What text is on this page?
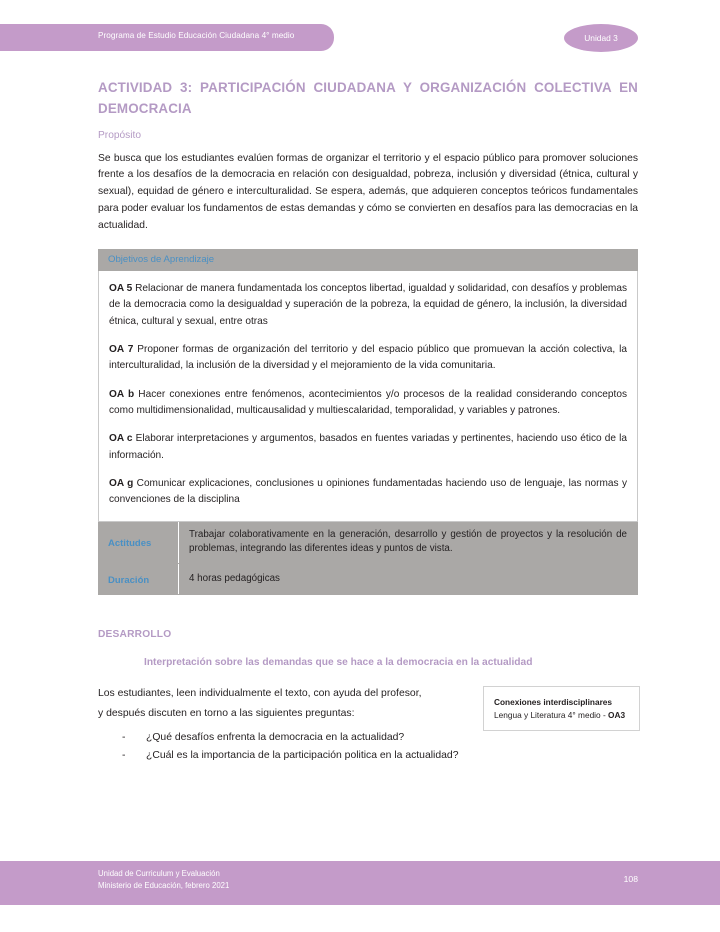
Programa de Estudio Educación Ciudadana 4° medio	Unidad 3
ACTIVIDAD 3: PARTICIPACIÓN CIUDADANA Y ORGANIZACIÓN COLECTIVA EN DEMOCRACIA
Propósito

Se busca que los estudiantes evalúen formas de organizar el territorio y el espacio público para promover soluciones frente a los desafíos de la democracia en relación con desigualdad, pobreza, inclusión y diversidad (étnica, cultural y sexual), equidad de género e interculturalidad. Se espera, además, que adquieren conceptos teóricos fundamentales para poder evaluar los fundamentos de estas demandas y cómo se convierten en desafíos para las democracias en la actualidad.

Objetivos de Aprendizaje	

OA 5 Relacionar de manera fundamentada los conceptos libertad, igualdad y solidaridad, con desafíos y problemas de la democracia como la desigualdad y superación de la pobreza, la equidad de género, la inclusión, la diversidad étnica, cultural y sexual, entre otras

OA 7 Proponer formas de organización del territorio y del espacio público que promuevan la acción colectiva, la interculturalidad, la inclusión de la diversidad y el mejoramiento de la vida comunitaria.

OA b Hacer conexiones entre fenómenos, acontecimientos y/o procesos de la realidad considerando conceptos como multidimensionalidad, multicausalidad y multiescalaridad, temporalidad, y variables y patrones.

OA c Elaborar interpretaciones y argumentos, basados en fuentes variadas y pertinentes, haciendo uso ético de la información.

OA g Comunicar explicaciones, conclusiones u opiniones fundamentadas haciendo uso de lenguaje, las normas y convenciones de la disciplina	

Actitudes	Trabajar colaborativamente en la generación, desarrollo y gestión de proyectos y la resolución de problemas, integrando las diferentes ideas y puntos de vista.

Duración	4 horas pedagógicas
DESARROLLO
Interpretación sobre las demandas que se hace a la democracia en la actualidad

Los estudiantes, leen individualmente el texto, con ayuda del profesor,

y después discuten en torno a las siguientes preguntas:

- ¿Qué desafíos enfrenta la democracia en la actualidad?
- ¿Cuál es la importancia de la participación politica en la actualidad?
Conexiones interdisciplinares
Lengua y Literatura 4° medio - OA3
Unidad de Curriculum y Evaluación
Ministerio de Educación, febrero 2021
108
